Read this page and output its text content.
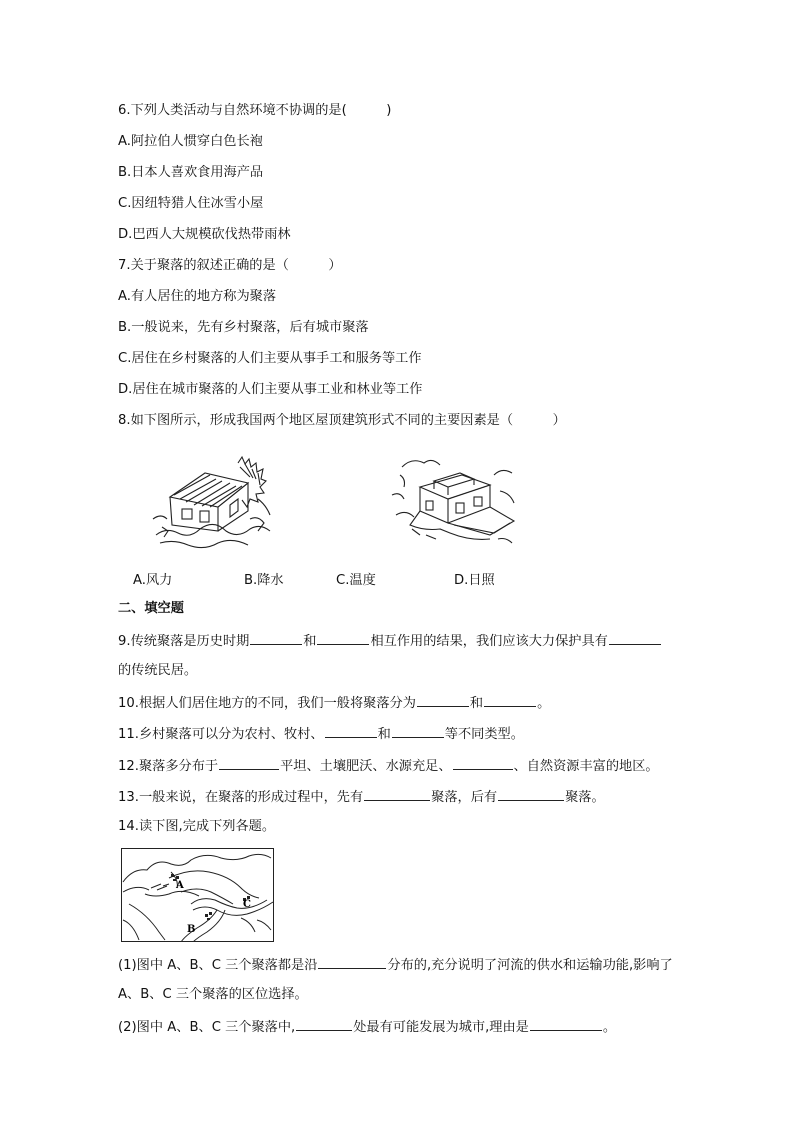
6.下列人类活动与自然环境不协调的是(　　　)
A.阿拉伯人惯穿白色长袍
B.日本人喜欢食用海产品
C.因纽特猎人住冰雪小屋
D.巴西人大规模砍伐热带雨林
7.关于聚落的叙述正确的是（　　　）
A.有人居住的地方称为聚落
B.一般说来，先有乡村聚落，后有城市聚落
C.居住在乡村聚落的人们主要从事手工和服务等工作
D.居住在城市聚落的人们主要从事工业和林业等工作
8.如下图所示，形成我国两个地区屋顶建筑形式不同的主要因素是（　　　）
A.风力	B.降水	C.温度	D.日照
二、填空题
9.传统聚落是历史时期	和	相互作用的结果，我们应该大力保护具有
的传统民居。
10.根据人们居住地方的不同，我们一般将聚落分为	和	。
11.乡村聚落可以分为农村、牧村、	和	等不同类型。
12.聚落多分布于	平坦、土壤肥沃、水源充足、	、自然资源丰富的地区。
13.一般来说，在聚落的形成过程中，先有	聚落，后有	聚落。
14.读下图,完成下列各题。
A
B
C
(1)图中 A、B、C 三个聚落都是沿	分布的,充分说明了河流的供水和运输功能,影响了
A、B、C 三个聚落的区位选择。
(2)图中 A、B、C 三个聚落中,	处最有可能发展为城市,理由是	。
